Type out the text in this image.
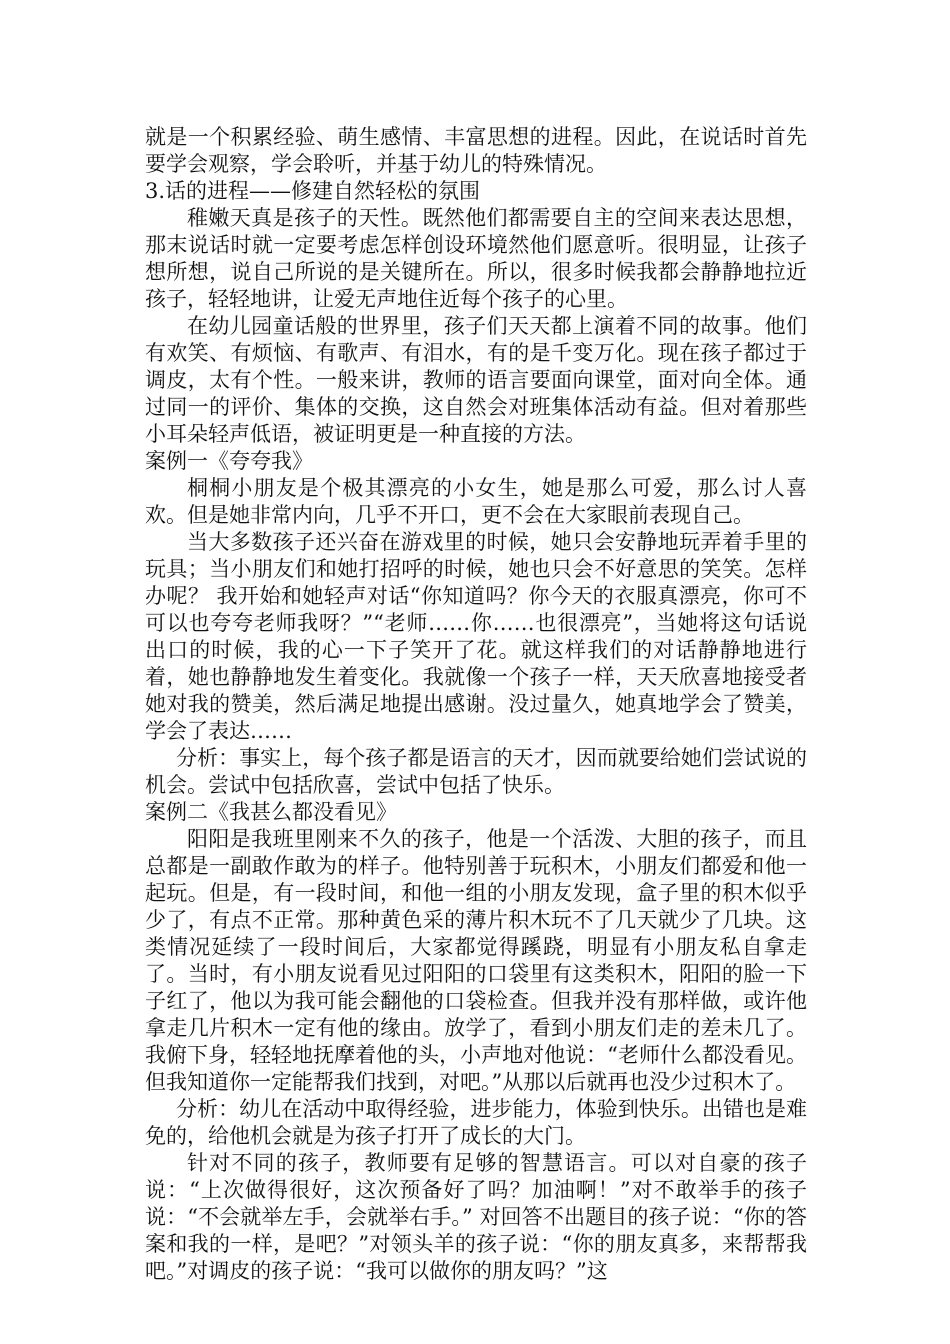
就是一个积累经验、萌生感情、丰富思想的进程。因此，在说话时首先要学会观察，学会聆听，并基于幼儿的特殊情况。

3.话的进程——修建自然轻松的氛围

稚嫩天真是孩子的天性。既然他们都需要自主的空间来表达思想，那末说话时就一定要考虑怎样创设环境然他们愿意听。很明显，让孩子想所想，说自己所说的是关键所在。所以，很多时候我都会静静地拉近孩子，轻轻地讲，让爱无声地住近每个孩子的心里。

在幼儿园童话般的世界里，孩子们天天都上演着不同的故事。他们有欢笑、有烦恼、有歌声、有泪水，有的是千变万化。现在孩子都过于调皮，太有个性。一般来讲，教师的语言要面向课堂，面对向全体。通过同一的评价、集体的交换，这自然会对班集体活动有益。但对着那些小耳朵轻声低语，被证明更是一种直接的方法。

案例一《夸夸我》

桐桐小朋友是个极其漂亮的小女生，她是那么可爱，那么讨人喜欢。但是她非常内向，几乎不开口，更不会在大家眼前表现自己。

当大多数孩子还兴奋在游戏里的时候，她只会安静地玩弄着手里的玩具；当小朋友们和她打招呼的时候，她也只会不好意思的笑笑。怎样办呢？ 我开始和她轻声对话“你知道吗？你今天的衣服真漂亮，你可不可以也夸夸老师我呀？”“老师……你……也很漂亮”，当她将这句话说出口的时候，我的心一下子笑开了花。就这样我们的对话静静地进行着，她也静静地发生着变化。我就像一个孩子一样，天天欣喜地接受者她对我的赞美，然后满足地提出感谢。没过量久，她真地学会了赞美，学会了表达……

分析：事实上，每个孩子都是语言的天才，因而就要给她们尝试说的机会。尝试中包括欣喜，尝试中包括了快乐。

案例二《我甚么都没看见》

阳阳是我班里刚来不久的孩子，他是一个活泼、大胆的孩子，而且总都是一副敢作敢为的样子。他特别善于玩积木，小朋友们都爱和他一起玩。但是，有一段时间，和他一组的小朋友发现，盒子里的积木似乎少了，有点不正常。那种黄色采的薄片积木玩不了几天就少了几块。这类情况延续了一段时间后，大家都觉得蹊跷，明显有小朋友私自拿走了。当时，有小朋友说看见过阳阳的口袋里有这类积木，阳阳的脸一下子红了，他以为我可能会翻他的口袋检查。但我并没有那样做，或许他拿走几片积木一定有他的缘由。放学了，看到小朋友们走的差未几了。我俯下身，轻轻地抚摩着他的头，小声地对他说：“老师什么都没看见。但我知道你一定能帮我们找到，对吧。”从那以后就再也没少过积木了。

分析：幼儿在活动中取得经验，进步能力，体验到快乐。出错也是难免的，给他机会就是为孩子打开了成长的大门。

针对不同的孩子，教师要有足够的智慧语言。可以对自豪的孩子说：“上次做得很好，这次预备好了吗？加油啊！”对不敢举手的孩子说：“不会就举左手，会就举右手。” 对回答不出题目的孩子说：“你的答案和我的一样，是吧？”对领头羊的孩子说：“你的朋友真多，来帮帮我吧。”对调皮的孩子说：“我可以做你的朋友吗？”这
